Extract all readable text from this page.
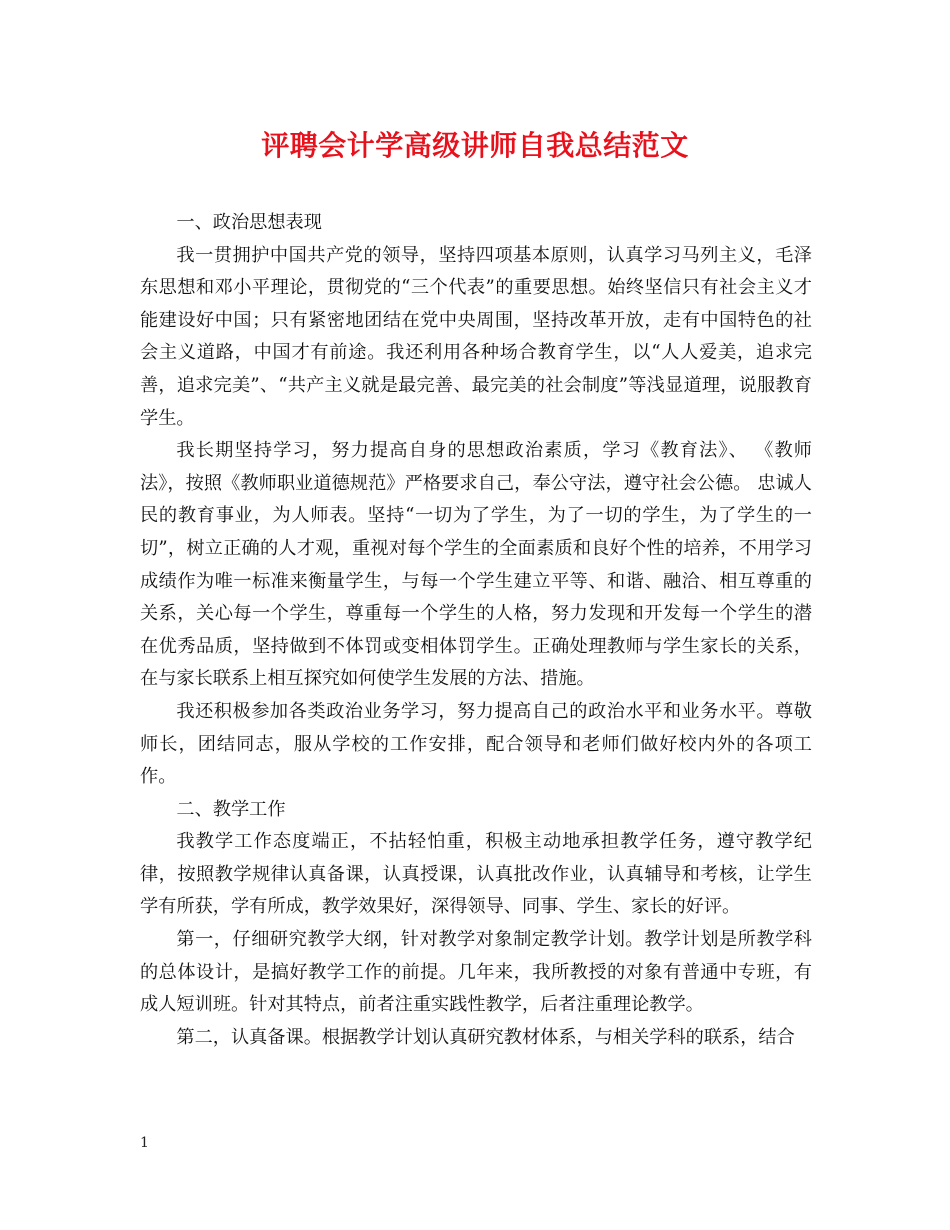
评聘会计学高级讲师自我总结范文

一、政治思想表现

我一贯拥护中国共产党的领导，坚持四项基本原则，认真学习马列主义，毛泽东思想和邓小平理论，贯彻党的“三个代表”的重要思想。始终坚信只有社会主义才能建设好中国；只有紧密地团结在党中央周围，坚持改革开放，走有中国特色的社会主义道路，中国才有前途。我还利用各种场合教育学生，以“人人爱美，追求完善，追求完美”、“共产主义就是最完善、最完美的社会制度”等浅显道理，说服教育学生。

我长期坚持学习，努力提高自身的思想政治素质，学习《教育法》、 《教师法》，按照《教师职业道德规范》严格要求自己，奉公守法，遵守社会公德。 忠诚人民的教育事业，为人师表。坚持“一切为了学生，为了一切的学生，为了学生的一切”，树立正确的人才观，重视对每个学生的全面素质和良好个性的培养，不用学习成绩作为唯一标准来衡量学生，与每一个学生建立平等、和谐、融洽、相互尊重的关系，关心每一个学生，尊重每一个学生的人格，努力发现和开发每一个学生的潜在优秀品质，坚持做到不体罚或变相体罚学生。正确处理教师与学生家长的关系，在与家长联系上相互探究如何使学生发展的方法、措施。

我还积极参加各类政治业务学习，努力提高自己的政治水平和业务水平。尊敬师长，团结同志，服从学校的工作安排，配合领导和老师们做好校内外的各项工作。

二、教学工作

我教学工作态度端正，不拈轻怕重，积极主动地承担教学任务，遵守教学纪律，按照教学规律认真备课，认真授课，认真批改作业，认真辅导和考核，让学生学有所获，学有所成，教学效果好，深得领导、同事、学生、家长的好评。

第一，仔细研究教学大纲，针对教学对象制定教学计划。教学计划是所教学科的总体设计，是搞好教学工作的前提。几年来，我所教授的对象有普通中专班，有成人短训班。针对其特点，前者注重实践性教学，后者注重理论教学。

第二，认真备课。根据教学计划认真研究教材体系，与相关学科的联系，结合

1
